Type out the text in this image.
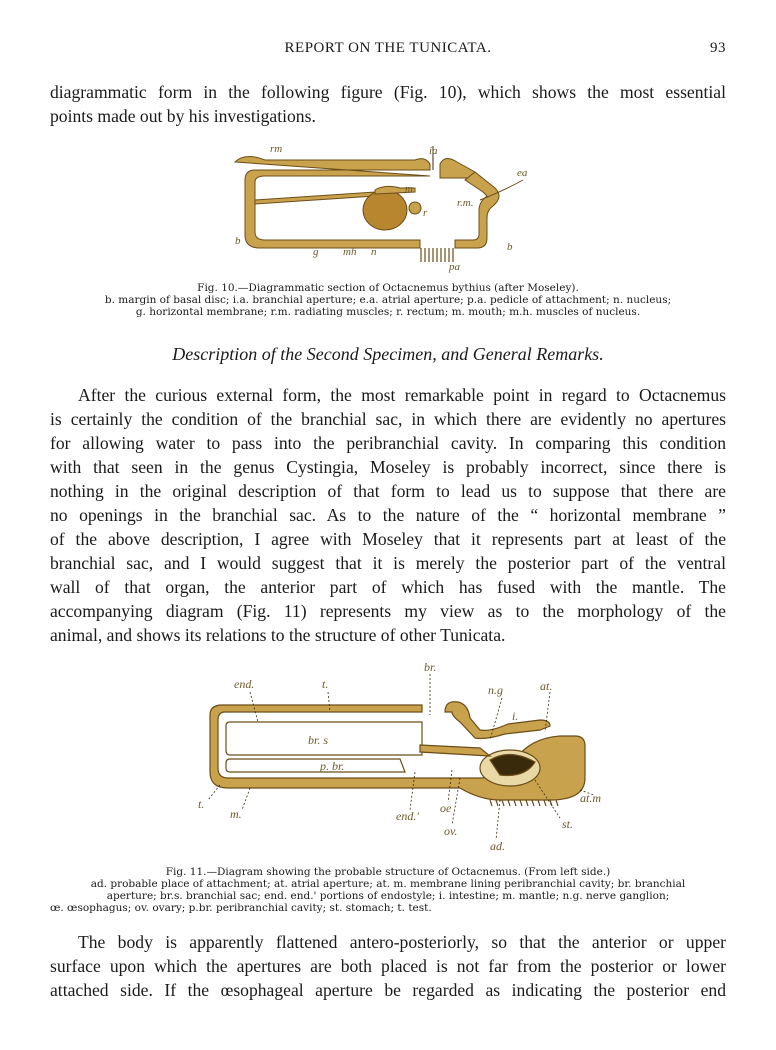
REPORT ON THE TUNICATA.	93
diagrammatic form in the following figure (Fig. 10), which shows the most essential
points made out by his investigations.
rm	ia
ea
m
r.m.
r
b
g mh n	b
pa
Fig. 10.—Diagrammatic section of Octacnemus bythius (after Moseley).
b. margin of basal disc; i.a. branchial aperture; e.a. atrial aperture; p.a. pedicle of attachment; n. nucleus;
g. horizontal membrane; r.m. radiating muscles; r. rectum; m. mouth; m.h. muscles of nucleus.
Description of the Second Specimen, and General Remarks.
After the curious external form, the most remarkable point in regard to Octacnemus
is certainly the condition of the branchial sac, in which there are evidently no apertures
for allowing water to pass into the peribranchial cavity. In comparing this condition
with that seen in the genus Cystingia, Moseley is probably incorrect, since there is
nothing in the original description of that form to lead us to suppose that there are
no openings in the branchial sac. As to the nature of the “ horizontal membrane ”
of the above description, I agree with Moseley that it represents part at least of the
branchial sac, and I would suggest that it is merely the posterior part of the ventral
wall of that organ, the anterior part of which has fused with the mantle. The
accompanying diagram (Fig. 11) represents my view as to the morphology of the
animal, and shows its relations to the structure of other Tunicata.
br.
end.	t.	n.g	at.
i.
br. s
p. br.
t.
m.	end.'
oe
ov.
ad.
st.
at.m
Fig. 11.—Diagram showing the probable structure of Octacnemus. (From left side.)
ad. probable place of attachment; at. atrial aperture; at. m. membrane lining peribranchial cavity; br. branchial
aperture; br.s. branchial sac; end. end.' portions of endostyle; i. intestine; m. mantle; n.g. nerve ganglion;
œ. œsophagus; ov. ovary; p.br. peribranchial cavity; st. stomach; t. test.
The body is apparently flattened antero-posteriorly, so that the anterior or upper
surface upon which the apertures are both placed is not far from the posterior or lower
attached side. If the œsophageal aperture be regarded as indicating the posterior end
